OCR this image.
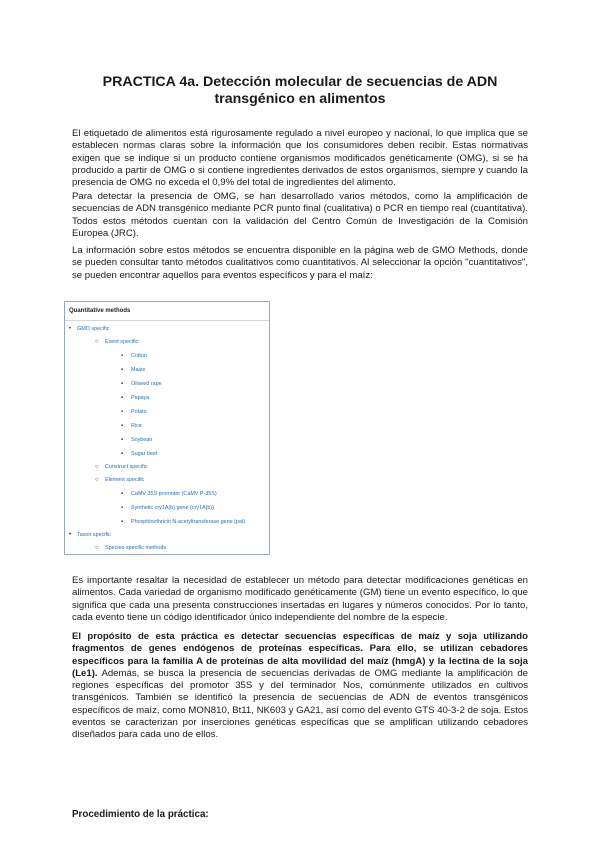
PRACTICA 4a. Detección molecular de secuencias de ADN
transgénico en alimentos

El etiquetado de alimentos está rigurosamente regulado a nivel europeo y nacional, lo que implica que se establecen normas claras sobre la información que los consumidores deben recibir. Estas normativas exigen que se indique si un producto contiene organismos modificados genéticamente (OMG), si se ha producido a partir de OMG o si contiene ingredientes derivados de estos organismos, siempre y cuando la presencia de OMG no exceda el 0,9% del total de ingredientes del alimento.

Para detectar la presencia de OMG, se han desarrollado varios métodos, como la amplificación de secuencias de ADN transgénico mediante PCR punto final (cualitativa) o PCR en tiempo real (cuantitativa). Todos estos métodos cuentan con la validación del Centro Común de Investigación de la Comisión Europea (JRC).

La información sobre estos métodos se encuentra disponible en la página web de GMO Methods, donde se pueden consultar tanto métodos cualitativos como cuantitativos. Al seleccionar la opción "cuantitativos", se pueden encontrar aquellos para eventos específicos y para el maíz:

Quantitative methods
• GMO specific
○ Event specific
▪ Cotton
▪ Maize
▪ Oilseed rape
▪ Papaya
▪ Potato
▪ Rice
▪ Soybean
▪ Sugar beet
○ Construct specific
○ Element specific
▪ CaMV 35S promoter (CaMV P-35S)
▪ Synthetic cry1A(b) gene (cry1A(b))
▪ Phosphinothricin N-acetyltransferase gene (pat)
• Taxon specific
○ Species-specific methods

Es importante resaltar la necesidad de establecer un método para detectar modificaciones genéticas en alimentos. Cada variedad de organismo modificado genéticamente (GM) tiene un evento específico, lo que significa que cada una presenta construcciones insertadas en lugares y números conocidos. Por lo tanto, cada evento tiene un código identificador único independiente del nombre de la especie.

El propósito de esta práctica es detectar secuencias específicas de maíz y soja utilizando fragmentos de genes endógenos de proteínas específicas. Para ello, se utilizan cebadores específicos para la familia A de proteínas de alta movilidad del maíz (hmgA) y la lectina de la soja (Le1). Además, se busca la presencia de secuencias derivadas de OMG mediante la amplificación de regiones específicas del promotor 35S y del terminador Nos, comúnmente utilizados en cultivos transgénicos. También se identificó la presencia de secuencias de ADN de eventos transgénicos específicos de maíz, como MON810, Bt11, NK603 y GA21, así como del evento GTS 40-3-2 de soja. Estos eventos se caracterizan por inserciones genéticas específicas que se amplifican utilizando cebadores diseñados para cada uno de ellos.

Procedimiento de la práctica:
